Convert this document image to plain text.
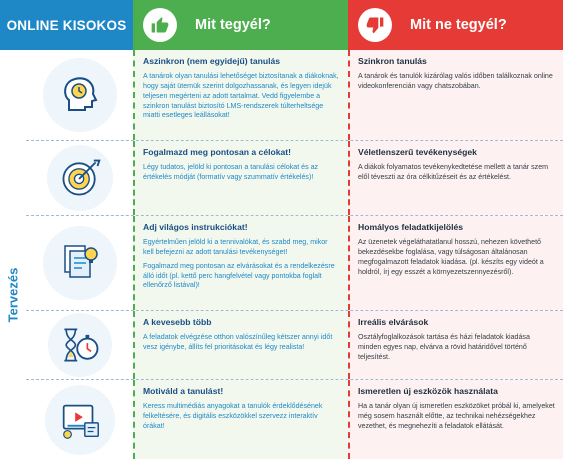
ONLINE KISOKOS	Mit tegyél?	Mit ne tegyél?
Tervezés
Aszinkron (nem egyidejű) tanulás

A tanárok olyan tanulási lehetőséget biztosítanak a diákoknak, hogy saját ütemük szerint dolgozhassanak, és legyen idejük teljesen megérteni az adott tartalmat. Vedd figyelembe a szinkron tanulást biztosító LMS-rendszerek túlterheltsége miatti esetleges leállásokat!

Szinkron tanulás

A tanárok és tanulók kizárólag valós időben találkoznak online videokonferencián vagy chatszobában.

Fogalmazd meg pontosan a célokat!

Légy tudatos, jelöld ki pontosan a tanulási célokat és az értékelés módját (formatív vagy szummatív értékelés)!

Véletlenszerű tevékenységek

A diákok folyamatos tevékenykedtetése mellett a tanár szem elől téveszti az óra célkitűzéseit és az értékelést.

Adj világos instrukciókat!

Egyértelműen jelöld ki a tennivalókat, és szabd meg, mikor kell befejezni az adott tanulási tevékenységet!

Fogalmazd meg pontosan az elvárásokat és a rendelkezésre álló időt (pl. kettő perc hangfelvétel vagy pontokba foglalt ellenőrző listával)!

Homályos feladatkijelölés

Az üzenetek végeláthatatlanul hosszú, nehezen követhető bekezdésekbe foglalása, vagy túlságosan általánosan megfogalmazott feladatok kiadása. (pl. készíts egy videót a holdról, írj egy esszét a környezetszennyezésről).

A kevesebb több

A feladatok elvégzése otthon valószínűleg kétszer annyi időt vesz igénybe, állíts fel prioritásokat és légy realista!

Irreális elvárások

Osztályfoglalkozások tartása és házi feladatok kiadása minden egyes nap, elvárva a rövid határidővel történő teljesítést.

Motiváld a tanulást!

Keress multimédiás anyagokat a tanulók érdeklődésének felkeltésére, és digitális eszközökkel szervezz interaktív órákat!

Ismeretlen új eszközök használata

Ha a tanár olyan új ismeretlen eszközöket próbál ki, amelyeket még sosem használt előtte, az technikai nehézségekhez vezethet, és megnehezíti a feladatok ellátását.
